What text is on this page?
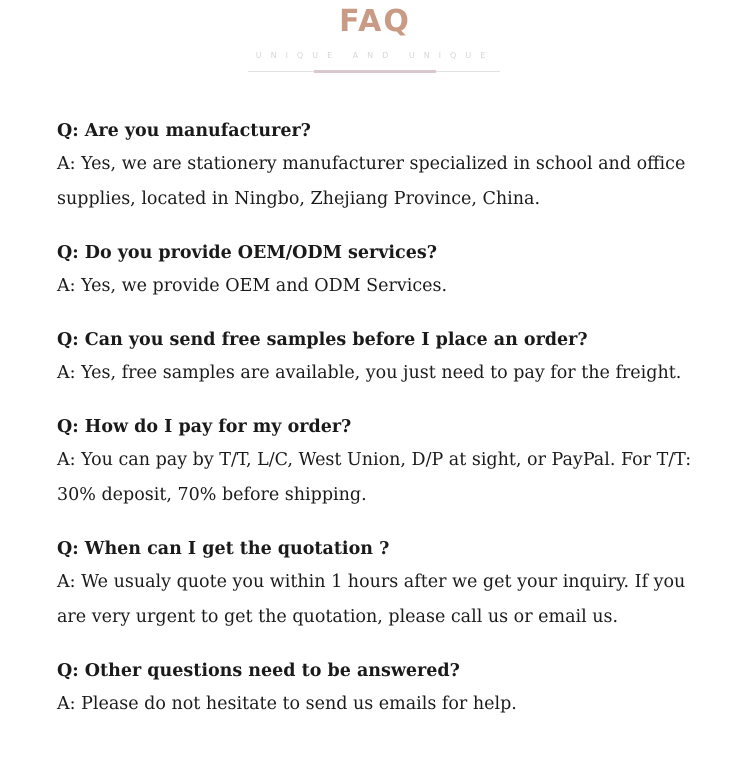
FAQ
UNIQUE AND UNIQUE
Q: Are you manufacturer?
A: Yes, we are stationery manufacturer specialized in school and office supplies, located in Ningbo, Zhejiang Province, China.
Q: Do you provide OEM/ODM services?
A: Yes, we provide OEM and ODM Services.
Q: Can you send free samples before I place an order?
A: Yes, free samples are available, you just need to pay for the freight.
Q: How do I pay for my order?
A: You can pay by T/T, L/C, West Union, D/P at sight, or PayPal. For T/T: 30% deposit, 70% before shipping.
Q: When can I get the quotation ?
A: We usualy quote you within 1 hours after we get your inquiry. If you are very urgent to get the quotation, please call us or email us.
Q: Other questions need to be answered?
A: Please do not hesitate to send us emails for help.
